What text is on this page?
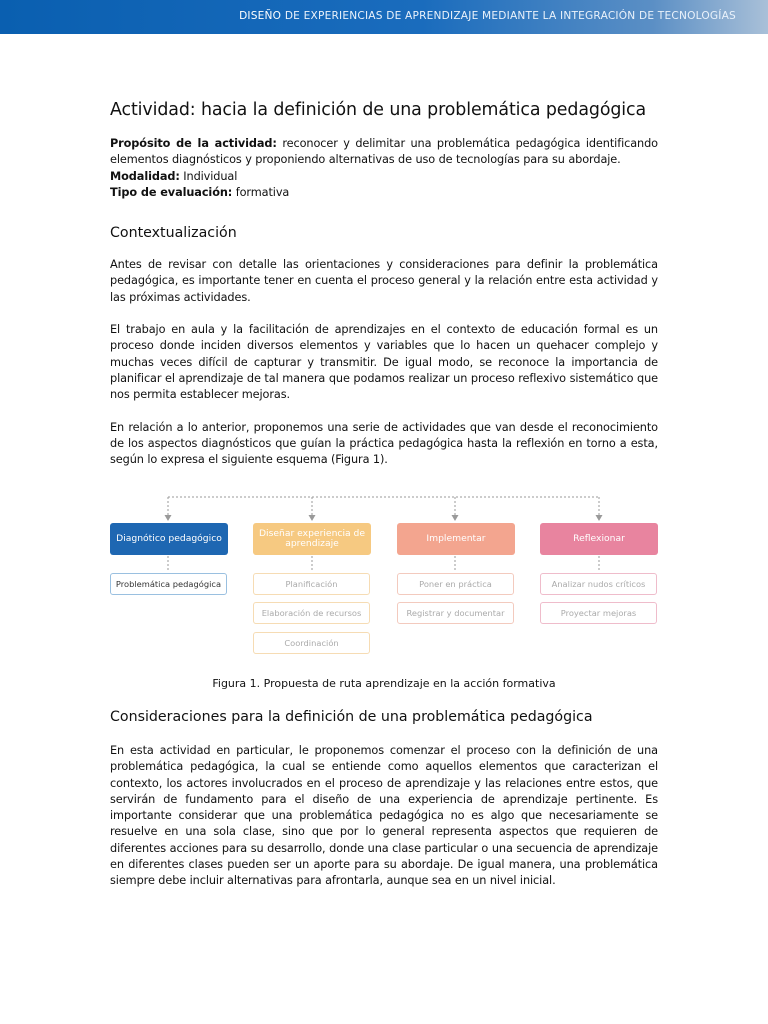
DISEÑO DE EXPERIENCIAS DE APRENDIZAJE MEDIANTE LA INTEGRACIÓN DE TECNOLOGÍAS
Actividad: hacia la definición de una problemática pedagógica

Propósito de la actividad: reconocer y delimitar una problemática pedagógica identificando elementos diagnósticos y proponiendo alternativas de uso de tecnologías para su abordaje.

Modalidad: Individual

Tipo de evaluación: formativa

Contextualización

Antes de revisar con detalle las orientaciones y consideraciones para definir la problemática pedagógica, es importante tener en cuenta el proceso general y la relación entre esta actividad y las próximas actividades.

El trabajo en aula y la facilitación de aprendizajes en el contexto de educación formal es un proceso donde inciden diversos elementos y variables que lo hacen un quehacer complejo y muchas veces difícil de capturar y transmitir. De igual modo, se reconoce la importancia de planificar el aprendizaje de tal manera que podamos realizar un proceso reflexivo sistemático que nos permita establecer mejoras.

En relación a lo anterior, proponemos una serie de actividades que van desde el reconocimiento de los aspectos diagnósticos que guían la práctica pedagógica hasta la reflexión en torno a esta, según lo expresa el siguiente esquema (Figura 1).

Diagnótico pedagógico	Diseñar experiencia de aprendizaje	Implementar	Reflexionar
Problemática pedagógica	Planificación
Elaboración de recursos
Coordinación
Poner en práctica
Registrar y documentar
Analizar nudos críticos
Proyectar mejoras
Figura 1. Propuesta de ruta aprendizaje en la acción formativa
Consideraciones para la definición de una problemática pedagógica

En esta actividad en particular, le proponemos comenzar el proceso con la definición de una problemática pedagógica, la cual se entiende como aquellos elementos que caracterizan el contexto, los actores involucrados en el proceso de aprendizaje y las relaciones entre estos, que servirán de fundamento para el diseño de una experiencia de aprendizaje pertinente. Es importante considerar que una problemática pedagógica no es algo que necesariamente se resuelve en una sola clase, sino que por lo general representa aspectos que requieren de diferentes acciones para su desarrollo, donde una clase particular o una secuencia de aprendizaje en diferentes clases pueden ser un aporte para su abordaje. De igual manera, una problemática siempre debe incluir alternativas para afrontarla, aunque sea en un nivel inicial.
